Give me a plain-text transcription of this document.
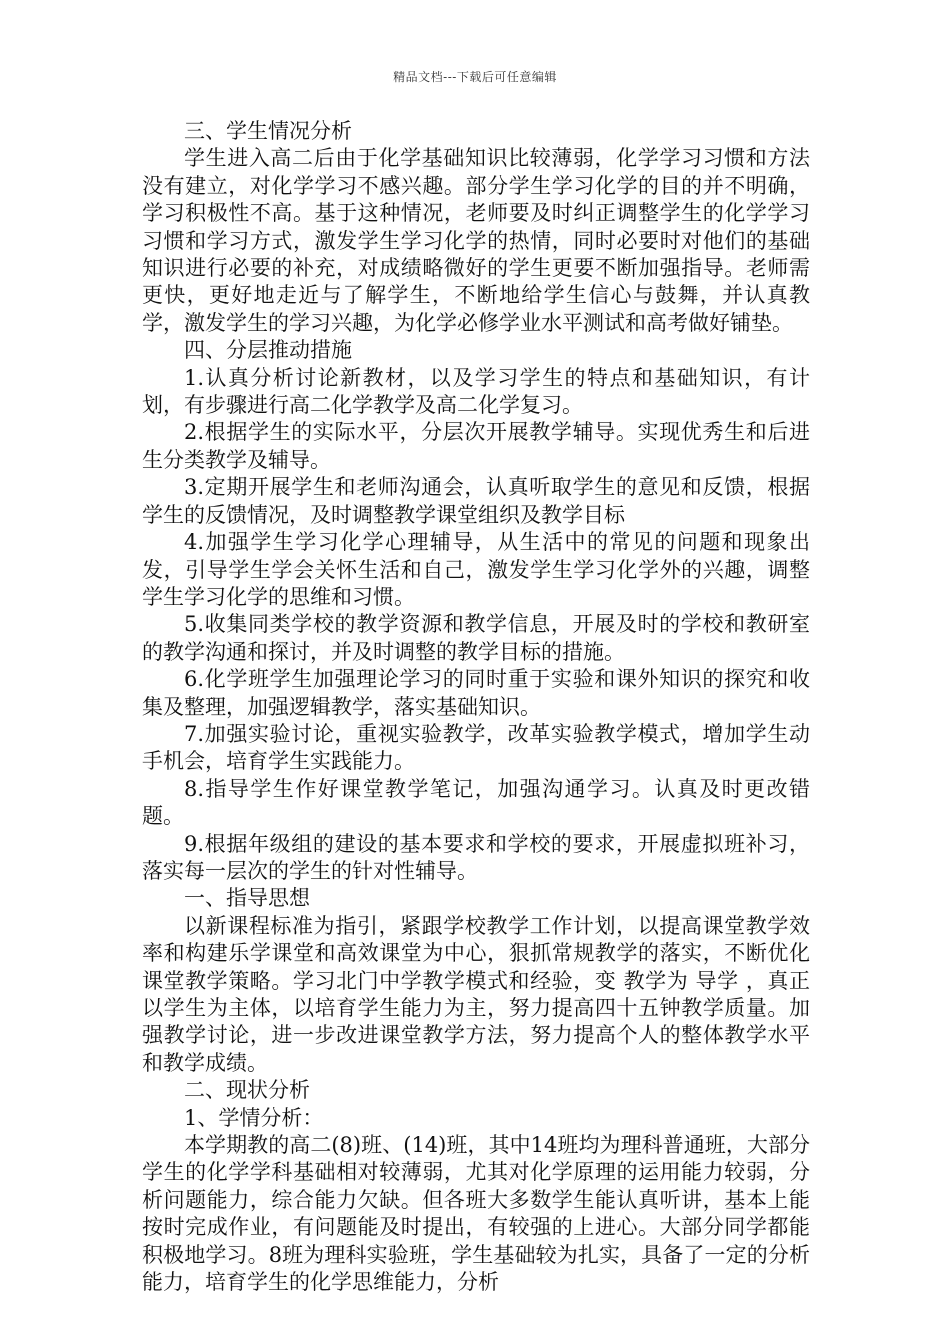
精品文档---下载后可任意编辑

三、学生情况分析

学生进入高二后由于化学基础知识比较薄弱，化学学习习惯和方法没有建立，对化学学习不感兴趣。部分学生学习化学的目的并不明确，学习积极性不高。基于这种情况，老师要及时纠正调整学生的化学学习习惯和学习方式，激发学生学习化学的热情，同时必要时对他们的基础知识进行必要的补充，对成绩略微好的学生更要不断加强指导。老师需更快，更好地走近与了解学生，不断地给学生信心与鼓舞，并认真教学，激发学生的学习兴趣，为化学必修学业水平测试和高考做好铺垫。

四、分层推动措施

1.认真分析讨论新教材，以及学习学生的特点和基础知识，有计划，有步骤进行高二化学教学及高二化学复习。

2.根据学生的实际水平，分层次开展教学辅导。实现优秀生和后进生分类教学及辅导。

3.定期开展学生和老师沟通会，认真听取学生的意见和反馈，根据学生的反馈情况，及时调整教学课堂组织及教学目标

4.加强学生学习化学心理辅导，从生活中的常见的问题和现象出发，引导学生学会关怀生活和自己，激发学生学习化学外的兴趣，调整学生学习化学的思维和习惯。

5.收集同类学校的教学资源和教学信息，开展及时的学校和教研室的教学沟通和探讨，并及时调整的教学目标的措施。

6.化学班学生加强理论学习的同时重于实验和课外知识的探究和收集及整理，加强逻辑教学，落实基础知识。

7.加强实验讨论，重视实验教学，改革实验教学模式，增加学生动手机会，培育学生实践能力。

8.指导学生作好课堂教学笔记，加强沟通学习。认真及时更改错题。

9.根据年级组的建设的基本要求和学校的要求，开展虚拟班补习，落实每一层次的学生的针对性辅导。

一、指导思想

以新课程标准为指引，紧跟学校教学工作计划，以提高课堂教学效率和构建乐学课堂和高效课堂为中心，狠抓常规教学的落实，不断优化课堂教学策略。学习北门中学教学模式和经验，变 教学为 导学 ，真正以学生为主体，以培育学生能力为主，努力提高四十五钟教学质量。加强教学讨论，进一步改进课堂教学方法，努力提高个人的整体教学水平和教学成绩。

二、现状分析

1、学情分析：

本学期教的高二(8)班、(14)班，其中14班均为理科普通班，大部分学生的化学学科基础相对较薄弱，尤其对化学原理的运用能力较弱，分析问题能力，综合能力欠缺。但各班大多数学生能认真听讲，基本上能按时完成作业，有问题能及时提出，有较强的上进心。大部分同学都能积极地学习。8班为理科实验班，学生基础较为扎实，具备了一定的分析能力，培育学生的化学思维能力，分析
